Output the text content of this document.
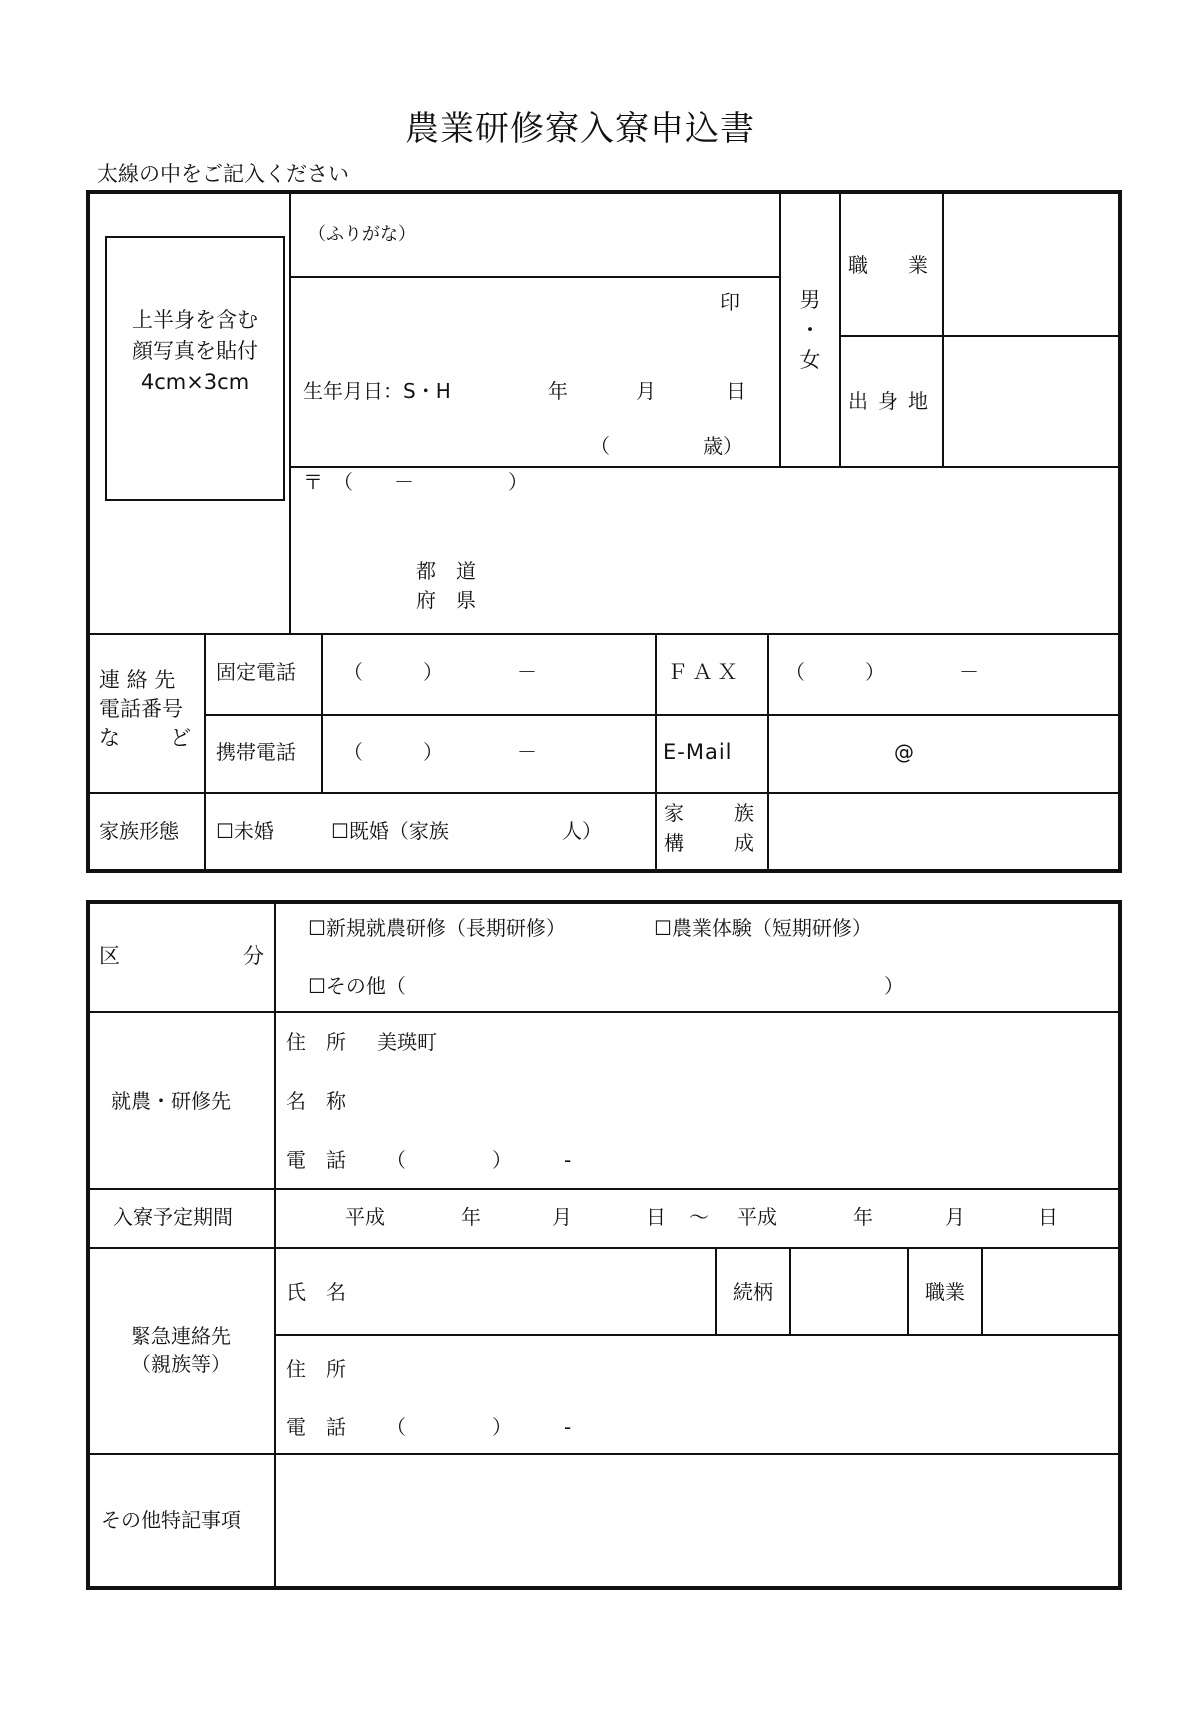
農業研修寮入寮申込書
太線の中をご記入ください
上半身を含む
顔写真を貼付
4cm×3cm
（ふりがな）
印
生年月日：S・H	年	月	日
（	歳）
男
・
女
職 業
出 身 地
〒 （ －	）
都　道
府　県
連 絡 先
電話番号
な ど
固定電話 （	）	－	ＦＡＸ （	）	－
携帯電話 （	）	－	E-Mail	@
家族形態 ☐未婚	☐既婚（家族	人）
家	族
構	成
区	分
☐新規就農研修（長期研修）	☐農業体験（短期研修）
☐その他（	）
就農・研修先
住　所 美瑛町
名　称
電　話 （	）	-
入寮予定期間	平成	年	月	日 ～ 平成	年	月	日
緊急連絡先
（親族等）
氏　名	続柄	職業
住　所
電　話 （	）	-
その他特記事項
